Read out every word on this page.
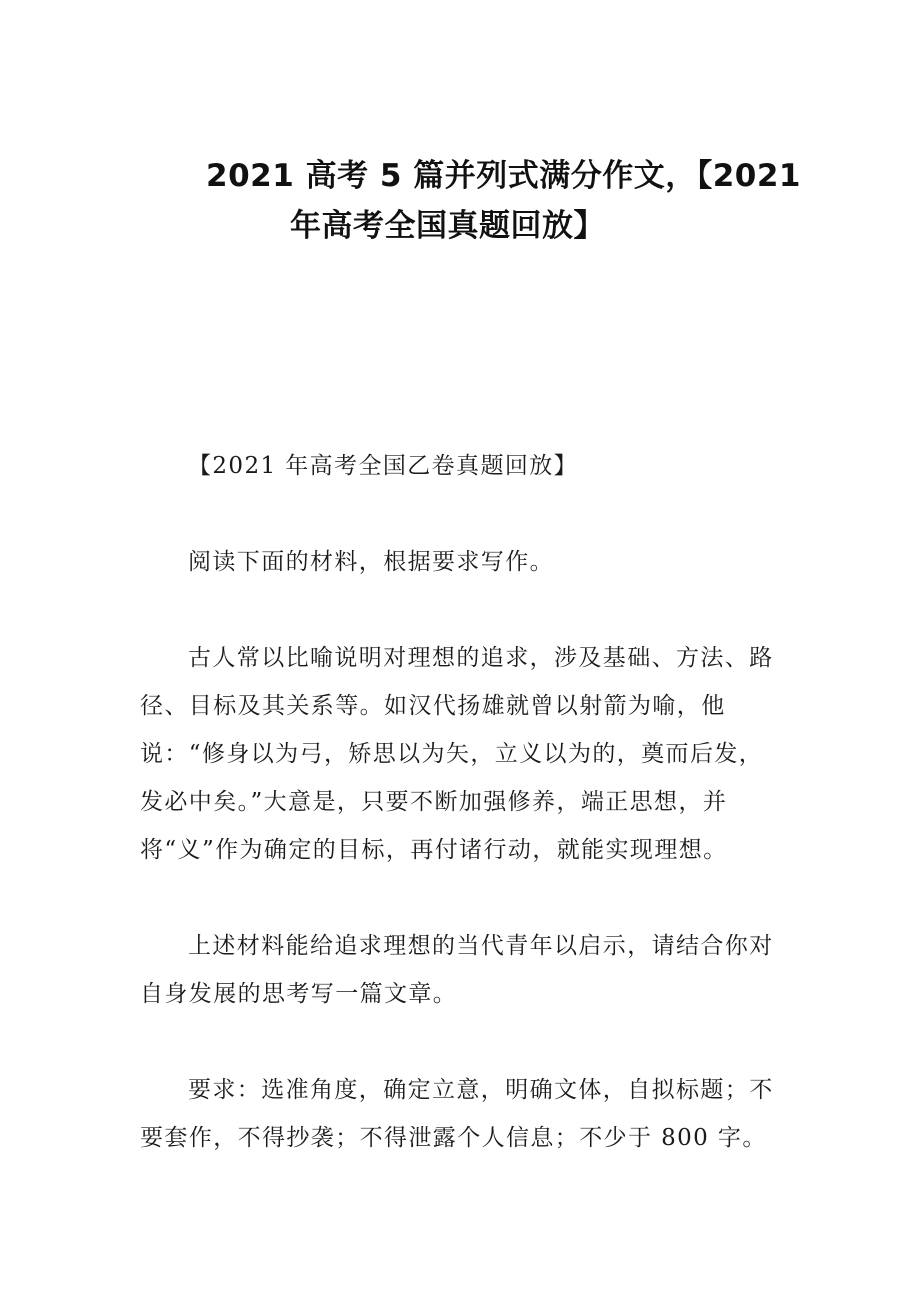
2021 高考 5 篇并列式满分作文，【2021
年高考全国真题回放】

【2021 年高考全国乙卷真题回放】

阅读下面的材料，根据要求写作。

古人常以比喻说明对理想的追求，涉及基础、方法、路径、目标及其关系等。如汉代扬雄就曾以射箭为喻，他说：“修身以为弓，矫思以为矢，立义以为的，奠而后发，发必中矣。”大意是，只要不断加强修养，端正思想，并将“义”作为确定的目标，再付诸行动，就能实现理想。

上述材料能给追求理想的当代青年以启示，请结合你对自身发展的思考写一篇文章。

要求：选准角度，确定立意，明确文体，自拟标题；不要套作，不得抄袭；不得泄露个人信息；不少于 800 字。
